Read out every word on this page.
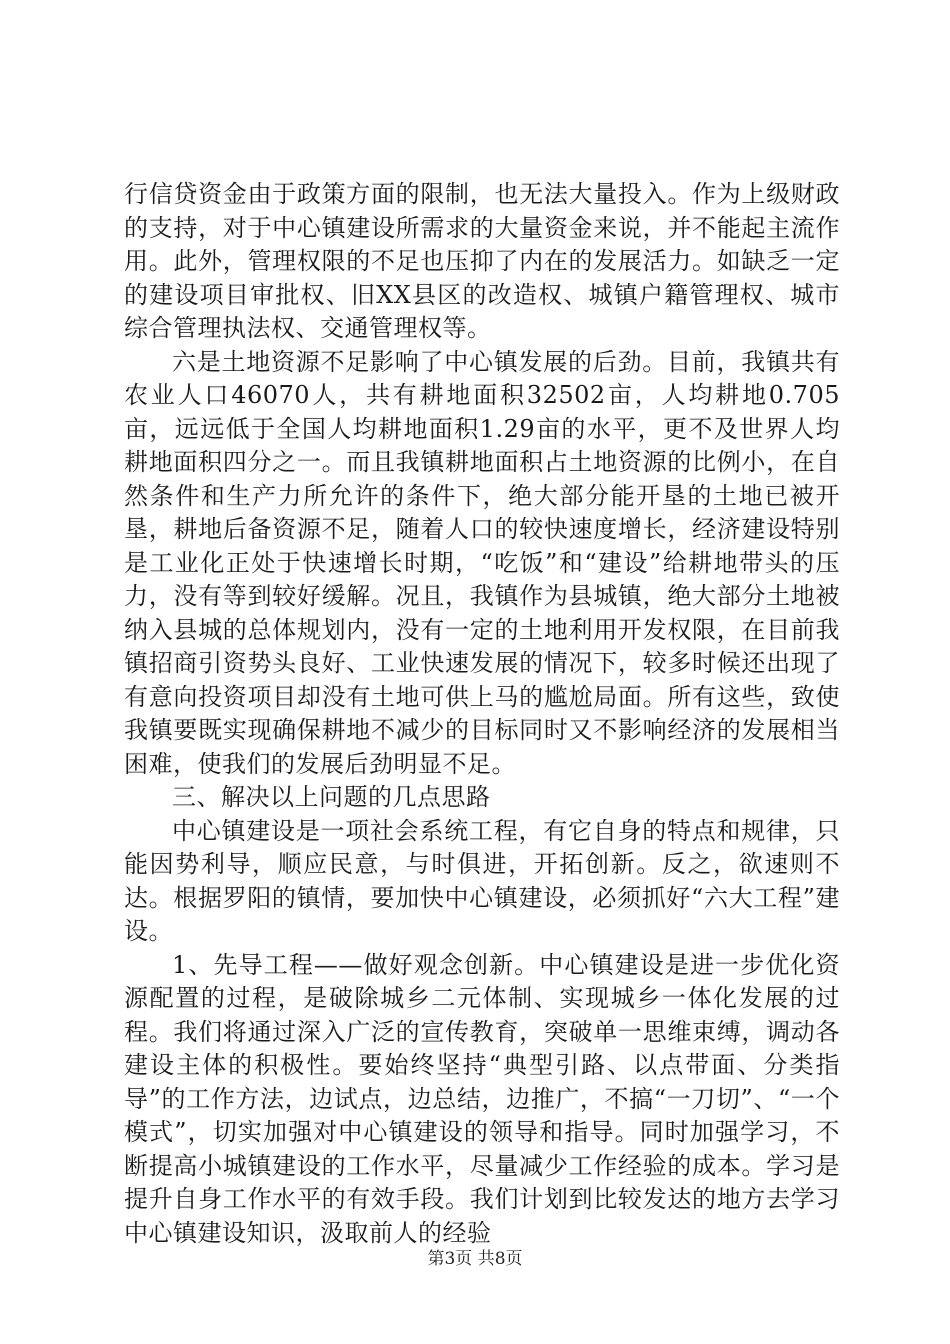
行信贷资金由于政策方面的限制，也无法大量投入。作为上级财政的支持，对于中心镇建设所需求的大量资金来说，并不能起主流作用。此外，管理权限的不足也压抑了内在的发展活力。如缺乏一定的建设项目审批权、旧XX县区的改造权、城镇户籍管理权、城市综合管理执法权、交通管理权等。

六是土地资源不足影响了中心镇发展的后劲。目前，我镇共有农业人口46070人，共有耕地面积32502亩，人均耕地0.705亩，远远低于全国人均耕地面积1.29亩的水平，更不及世界人均耕地面积四分之一。而且我镇耕地面积占土地资源的比例小，在自然条件和生产力所允许的条件下，绝大部分能开垦的土地已被开垦，耕地后备资源不足，随着人口的较快速度增长，经济建设特别是工业化正处于快速增长时期，“吃饭”和“建设”给耕地带头的压力，没有等到较好缓解。况且，我镇作为县城镇，绝大部分土地被纳入县城的总体规划内，没有一定的土地利用开发权限，在目前我镇招商引资势头良好、工业快速发展的情况下，较多时候还出现了有意向投资项目却没有土地可供上马的尴尬局面。所有这些，致使我镇要既实现确保耕地不减少的目标同时又不影响经济的发展相当困难，使我们的发展后劲明显不足。

三、解决以上问题的几点思路

中心镇建设是一项社会系统工程，有它自身的特点和规律，只能因势利导，顺应民意，与时俱进，开拓创新。反之，欲速则不达。根据罗阳的镇情，要加快中心镇建设，必须抓好“六大工程”建设。

1、先导工程——做好观念创新。中心镇建设是进一步优化资源配置的过程，是破除城乡二元体制、实现城乡一体化发展的过程。我们将通过深入广泛的宣传教育，突破单一思维束缚，调动各建设主体的积极性。要始终坚持“典型引路、以点带面、分类指导”的工作方法，边试点，边总结，边推广，不搞“一刀切”、“一个模式”，切实加强对中心镇建设的领导和指导。同时加强学习，不断提高小城镇建设的工作水平，尽量减少工作经验的成本。学习是提升自身工作水平的有效手段。我们计划到比较发达的地方去学习中心镇建设知识，汲取前人的经验

第3页 共8页
